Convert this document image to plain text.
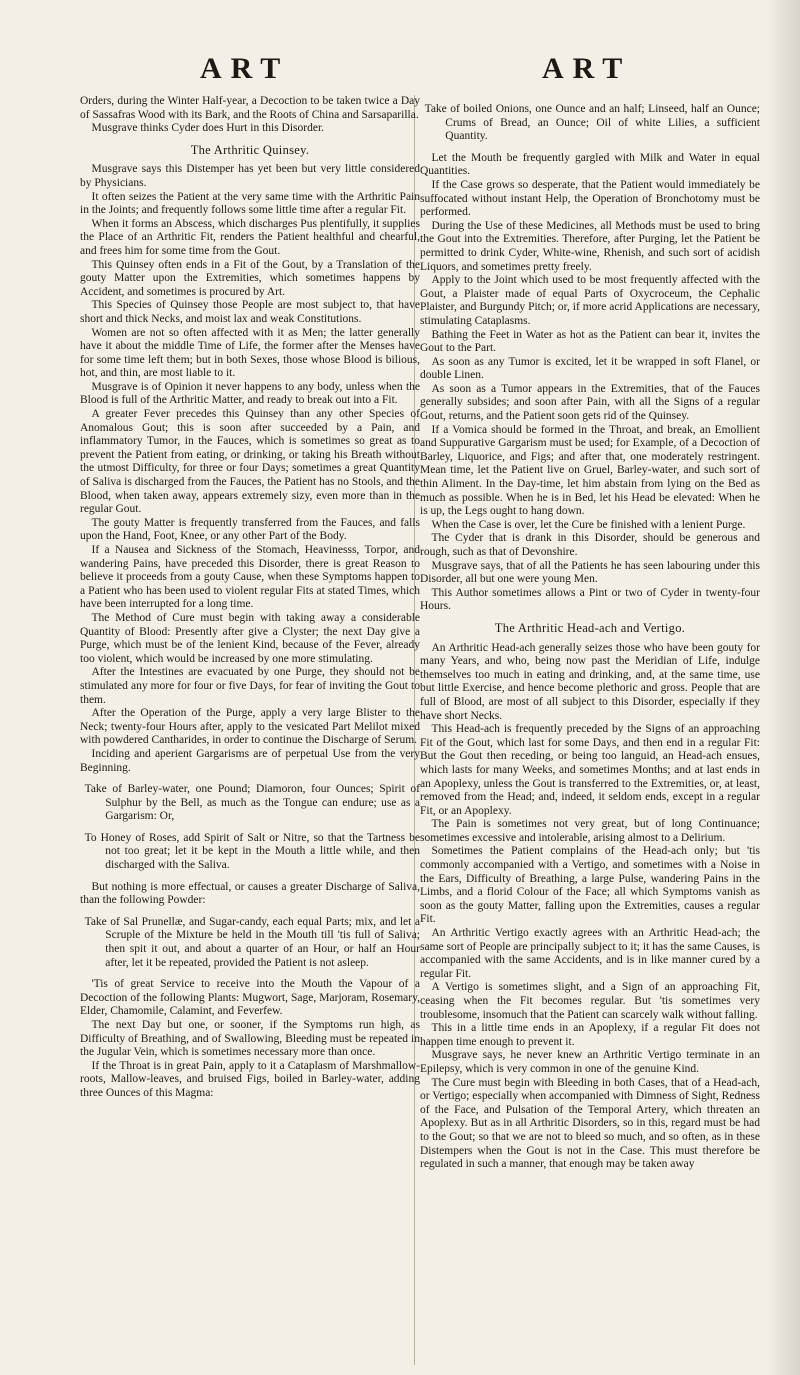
ART	ART

Orders, during the Winter Half-year, a Decoction to be taken twice a Day of Sassafras Wood with its Bark, and the Roots of China and Sarsaparilla.

Musgrave thinks Cyder does Hurt in this Disorder.

The Arthritic Quinsey.

Musgrave says this Distemper has yet been but very little considered by Physicians.

It often seizes the Patient at the very same time with the Arthritic Pain in the Joints; and frequently follows some little time after a regular Fit.

When it forms an Abscess, which discharges Pus plentifully, it supplies the Place of an Arthritic Fit, renders the Patient healthful and chearful, and frees him for some time from the Gout.

This Quinsey often ends in a Fit of the Gout, by a Translation of the gouty Matter upon the Extremities, which sometimes happens by Accident, and sometimes is procured by Art.

This Species of Quinsey those People are most subject to, that have short and thick Necks, and moist lax and weak Constitutions.

Women are not so often affected with it as Men; the latter generally have it about the middle Time of Life, the former after the Menses have for some time left them; but in both Sexes, those whose Blood is bilious, hot, and thin, are most liable to it.

Musgrave is of Opinion it never happens to any body, unless when the Blood is full of the Arthritic Matter, and ready to break out into a Fit.

A greater Fever precedes this Quinsey than any other Species of Anomalous Gout; this is soon after succeeded by a Pain, and inflammatory Tumor, in the Fauces, which is sometimes so great as to prevent the Patient from eating, or drinking, or taking his Breath without the utmost Difficulty, for three or four Days; sometimes a great Quantity of Saliva is discharged from the Fauces, the Patient has no Stools, and the Blood, when taken away, appears extremely sizy, even more than in the regular Gout.

The gouty Matter is frequently transferred from the Fauces, and falls upon the Hand, Foot, Knee, or any other Part of the Body.

If a Nausea and Sickness of the Stomach, Heavinesss, Torpor, and wandering Pains, have preceded this Disorder, there is great Reason to believe it proceeds from a gouty Cause, when these Symptoms happen to a Patient who has been used to violent regular Fits at stated Times, which have been interrupted for a long time.

The Method of Cure must begin with taking away a considerable Quantity of Blood: Presently after give a Clyster; the next Day give a Purge, which must be of the lenient Kind, because of the Fever, already too violent, which would be increased by one more stimulating.

After the Intestines are evacuated by one Purge, they should not be stimulated any more for four or five Days, for fear of inviting the Gout to them.

After the Operation of the Purge, apply a very large Blister to the Neck; twenty-four Hours after, apply to the vesicated Part Melilot mixed with powdered Cantharides, in order to continue the Discharge of Serum.

Inciding and aperient Gargarisms are of perpetual Use from the very Beginning.

Take of Barley-water, one Pound; Diamoron, four Ounces; Spirit of Sulphur by the Bell, as much as the Tongue can endure; use as a Gargarism: Or,

To Honey of Roses, add Spirit of Salt or Nitre, so that the Tartness be not too great; let it be kept in the Mouth a little while, and then discharged with the Saliva.

But nothing is more effectual, or causes a greater Discharge of Saliva, than the following Powder:

Take of Sal Prunellæ, and Sugar-candy, each equal Parts; mix, and let a Scruple of the Mixture be held in the Mouth till 'tis full of Saliva; then spit it out, and about a quarter of an Hour, or half an Hour after, let it be repeated, provided the Patient is not asleep.

'Tis of great Service to receive into the Mouth the Vapour of a Decoction of the following Plants: Mugwort, Sage, Marjoram, Rosemary, Elder, Chamomile, Calamint, and Feverfew.

The next Day but one, or sooner, if the Symptoms run high, as Difficulty of Breathing, and of Swallowing, Bleeding must be repeated in the Jugular Vein, which is sometimes necessary more than once.

If the Throat is in great Pain, apply to it a Cataplasm of Marshmallow-roots, Mallow-leaves, and bruised Figs, boiled in Barley-water, adding three Ounces of this Magma:

Take of boiled Onions, one Ounce and an half; Linseed, half an Ounce; Crums of Bread, an Ounce; Oil of white Lilies, a sufficient Quantity.

Let the Mouth be frequently gargled with Milk and Water in equal Quantities.

If the Case grows so desperate, that the Patient would immediately be suffocated without instant Help, the Operation of Bronchotomy must be performed.

During the Use of these Medicines, all Methods must be used to bring the Gout into the Extremities. Therefore, after Purging, let the Patient be permitted to drink Cyder, White-wine, Rhenish, and such sort of acidish Liquors, and sometimes pretty freely.

Apply to the Joint which used to be most frequently affected with the Gout, a Plaister made of equal Parts of Oxycroceum, the Cephalic Plaister, and Burgundy Pitch; or, if more acrid Applications are necessary, stimulating Cataplasms.

Bathing the Feet in Water as hot as the Patient can bear it, invites the Gout to the Part.

As soon as any Tumor is excited, let it be wrapped in soft Flanel, or double Linen.

As soon as a Tumor appears in the Extremities, that of the Fauces generally subsides; and soon after Pain, with all the Signs of a regular Gout, returns, and the Patient soon gets rid of the Quinsey.

If a Vomica should be formed in the Throat, and break, an Emollient and Suppurative Gargarism must be used; for Example, of a Decoction of Barley, Liquorice, and Figs; and after that, one moderately restringent. Mean time, let the Patient live on Gruel, Barley-water, and such sort of thin Aliment. In the Day-time, let him abstain from lying on the Bed as much as possible. When he is in Bed, let his Head be elevated: When he is up, the Legs ought to hang down.

When the Case is over, let the Cure be finished with a lenient Purge.

The Cyder that is drank in this Disorder, should be generous and rough, such as that of Devonshire.

Musgrave says, that of all the Patients he has seen labouring under this Disorder, all but one were young Men.

This Author sometimes allows a Pint or two of Cyder in twenty-four Hours.

The Arthritic Head-ach and Vertigo.

An Arthritic Head-ach generally seizes those who have been gouty for many Years, and who, being now past the Meridian of Life, indulge themselves too much in eating and drinking, and, at the same time, use but little Exercise, and hence become plethoric and gross. People that are full of Blood, are most of all subject to this Disorder, especially if they have short Necks.

This Head-ach is frequently preceded by the Signs of an approaching Fit of the Gout, which last for some Days, and then end in a regular Fit: But the Gout then receding, or being too languid, an Head-ach ensues, which lasts for many Weeks, and sometimes Months; and at last ends in an Apoplexy, unless the Gout is transferred to the Extremities, or, at least, removed from the Head; and, indeed, it seldom ends, except in a regular Fit, or an Apoplexy.

The Pain is sometimes not very great, but of long Continuance; sometimes excessive and intolerable, arising almost to a Delirium.

Sometimes the Patient complains of the Head-ach only; but 'tis commonly accompanied with a Vertigo, and sometimes with a Noise in the Ears, Difficulty of Breathing, a large Pulse, wandering Pains in the Limbs, and a florid Colour of the Face; all which Symptoms vanish as soon as the gouty Matter, falling upon the Extremities, causes a regular Fit.

An Arthritic Vertigo exactly agrees with an Arthritic Head-ach; the same sort of People are principally subject to it; it has the same Causes, is accompanied with the same Accidents, and is in like manner cured by a regular Fit.

A Vertigo is sometimes slight, and a Sign of an approaching Fit, ceasing when the Fit becomes regular. But 'tis sometimes very troublesome, insomuch that the Patient can scarcely walk without falling.

This in a little time ends in an Apoplexy, if a regular Fit does not happen time enough to prevent it.

Musgrave says, he never knew an Arthritic Vertigo terminate in an Epilepsy, which is very common in one of the genuine Kind.

The Cure must begin with Bleeding in both Cases, that of a Head-ach, or Vertigo; especially when accompanied with Dimness of Sight, Redness of the Face, and Pulsation of the Temporal Artery, which threaten an Apoplexy. But as in all Arthritic Disorders, so in this, regard must be had to the Gout; so that we are not to bleed so much, and so often, as in these Distempers when the Gout is not in the Case. This must therefore be regulated in such a manner, that enough may be taken away
